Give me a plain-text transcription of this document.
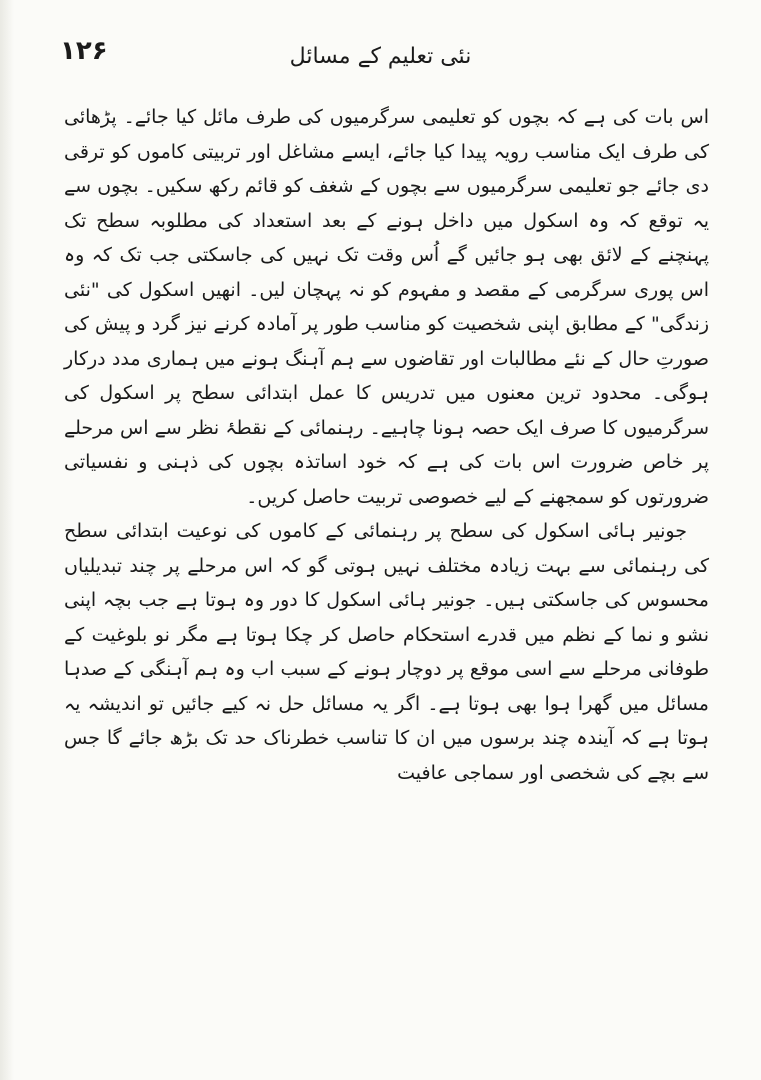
۱۲۶	نئی تعلیم کے مسائل

اس بات کی ہے کہ بچوں کو تعلیمی سرگرمیوں کی طرف مائل کیا جائے۔ پڑھائی کی طرف ایک مناسب رویہ پیدا کیا جائے، ایسے مشاغل اور تربیتی کاموں کو ترقی دی جائے جو تعلیمی سرگرمیوں سے بچوں کے شغف کو قائم رکھ سکیں۔ بچوں سے یہ توقع کہ وہ اسکول میں داخل ہونے کے بعد استعداد کی مطلوبہ سطح تک پہنچنے کے لائق بھی ہو جائیں گے اُس وقت تک نہیں کی جاسکتی جب تک کہ وہ اس پوری سرگرمی کے مقصد و مفہوم کو نہ پہچان لیں۔ انھیں اسکول کی "نئی زندگی" کے مطابق اپنی شخصیت کو مناسب طور پر آمادہ کرنے نیز گرد و پیش کی صورتِ حال کے نئے مطالبات اور تقاضوں سے ہم آہنگ ہونے میں ہماری مدد درکار ہوگی۔ محدود ترین معنوں میں تدریس کا عمل ابتدائی سطح پر اسکول کی سرگرمیوں کا صرف ایک حصہ ہونا چاہیے۔ رہنمائی کے نقطۂ نظر سے اس مرحلے پر خاص ضرورت اس بات کی ہے کہ خود اساتذہ بچوں کی ذہنی و نفسیاتی ضرورتوں کو سمجھنے کے لیے خصوصی تربیت حاصل کریں۔

جونیر ہائی اسکول کی سطح پر رہنمائی کے کاموں کی نوعیت ابتدائی سطح کی رہنمائی سے بہت زیادہ مختلف نہیں ہوتی گو کہ اس مرحلے پر چند تبدیلیاں محسوس کی جاسکتی ہیں۔ جونیر ہائی اسکول کا دور وہ ہوتا ہے جب بچہ اپنی نشو و نما کے نظم میں قدرے استحکام حاصل کر چکا ہوتا ہے مگر نو بلوغیت کے طوفانی مرحلے سے اسی موقع پر دوچار ہونے کے سبب اب وہ ہم آہنگی کے صدہا مسائل میں گھرا ہوا بھی ہوتا ہے۔ اگر یہ مسائل حل نہ کیے جائیں تو اندیشہ یہ ہوتا ہے کہ آیندہ چند برسوں میں ان کا تناسب خطرناک حد تک بڑھ جائے گا جس سے بچے کی شخصی اور سماجی عافیت
